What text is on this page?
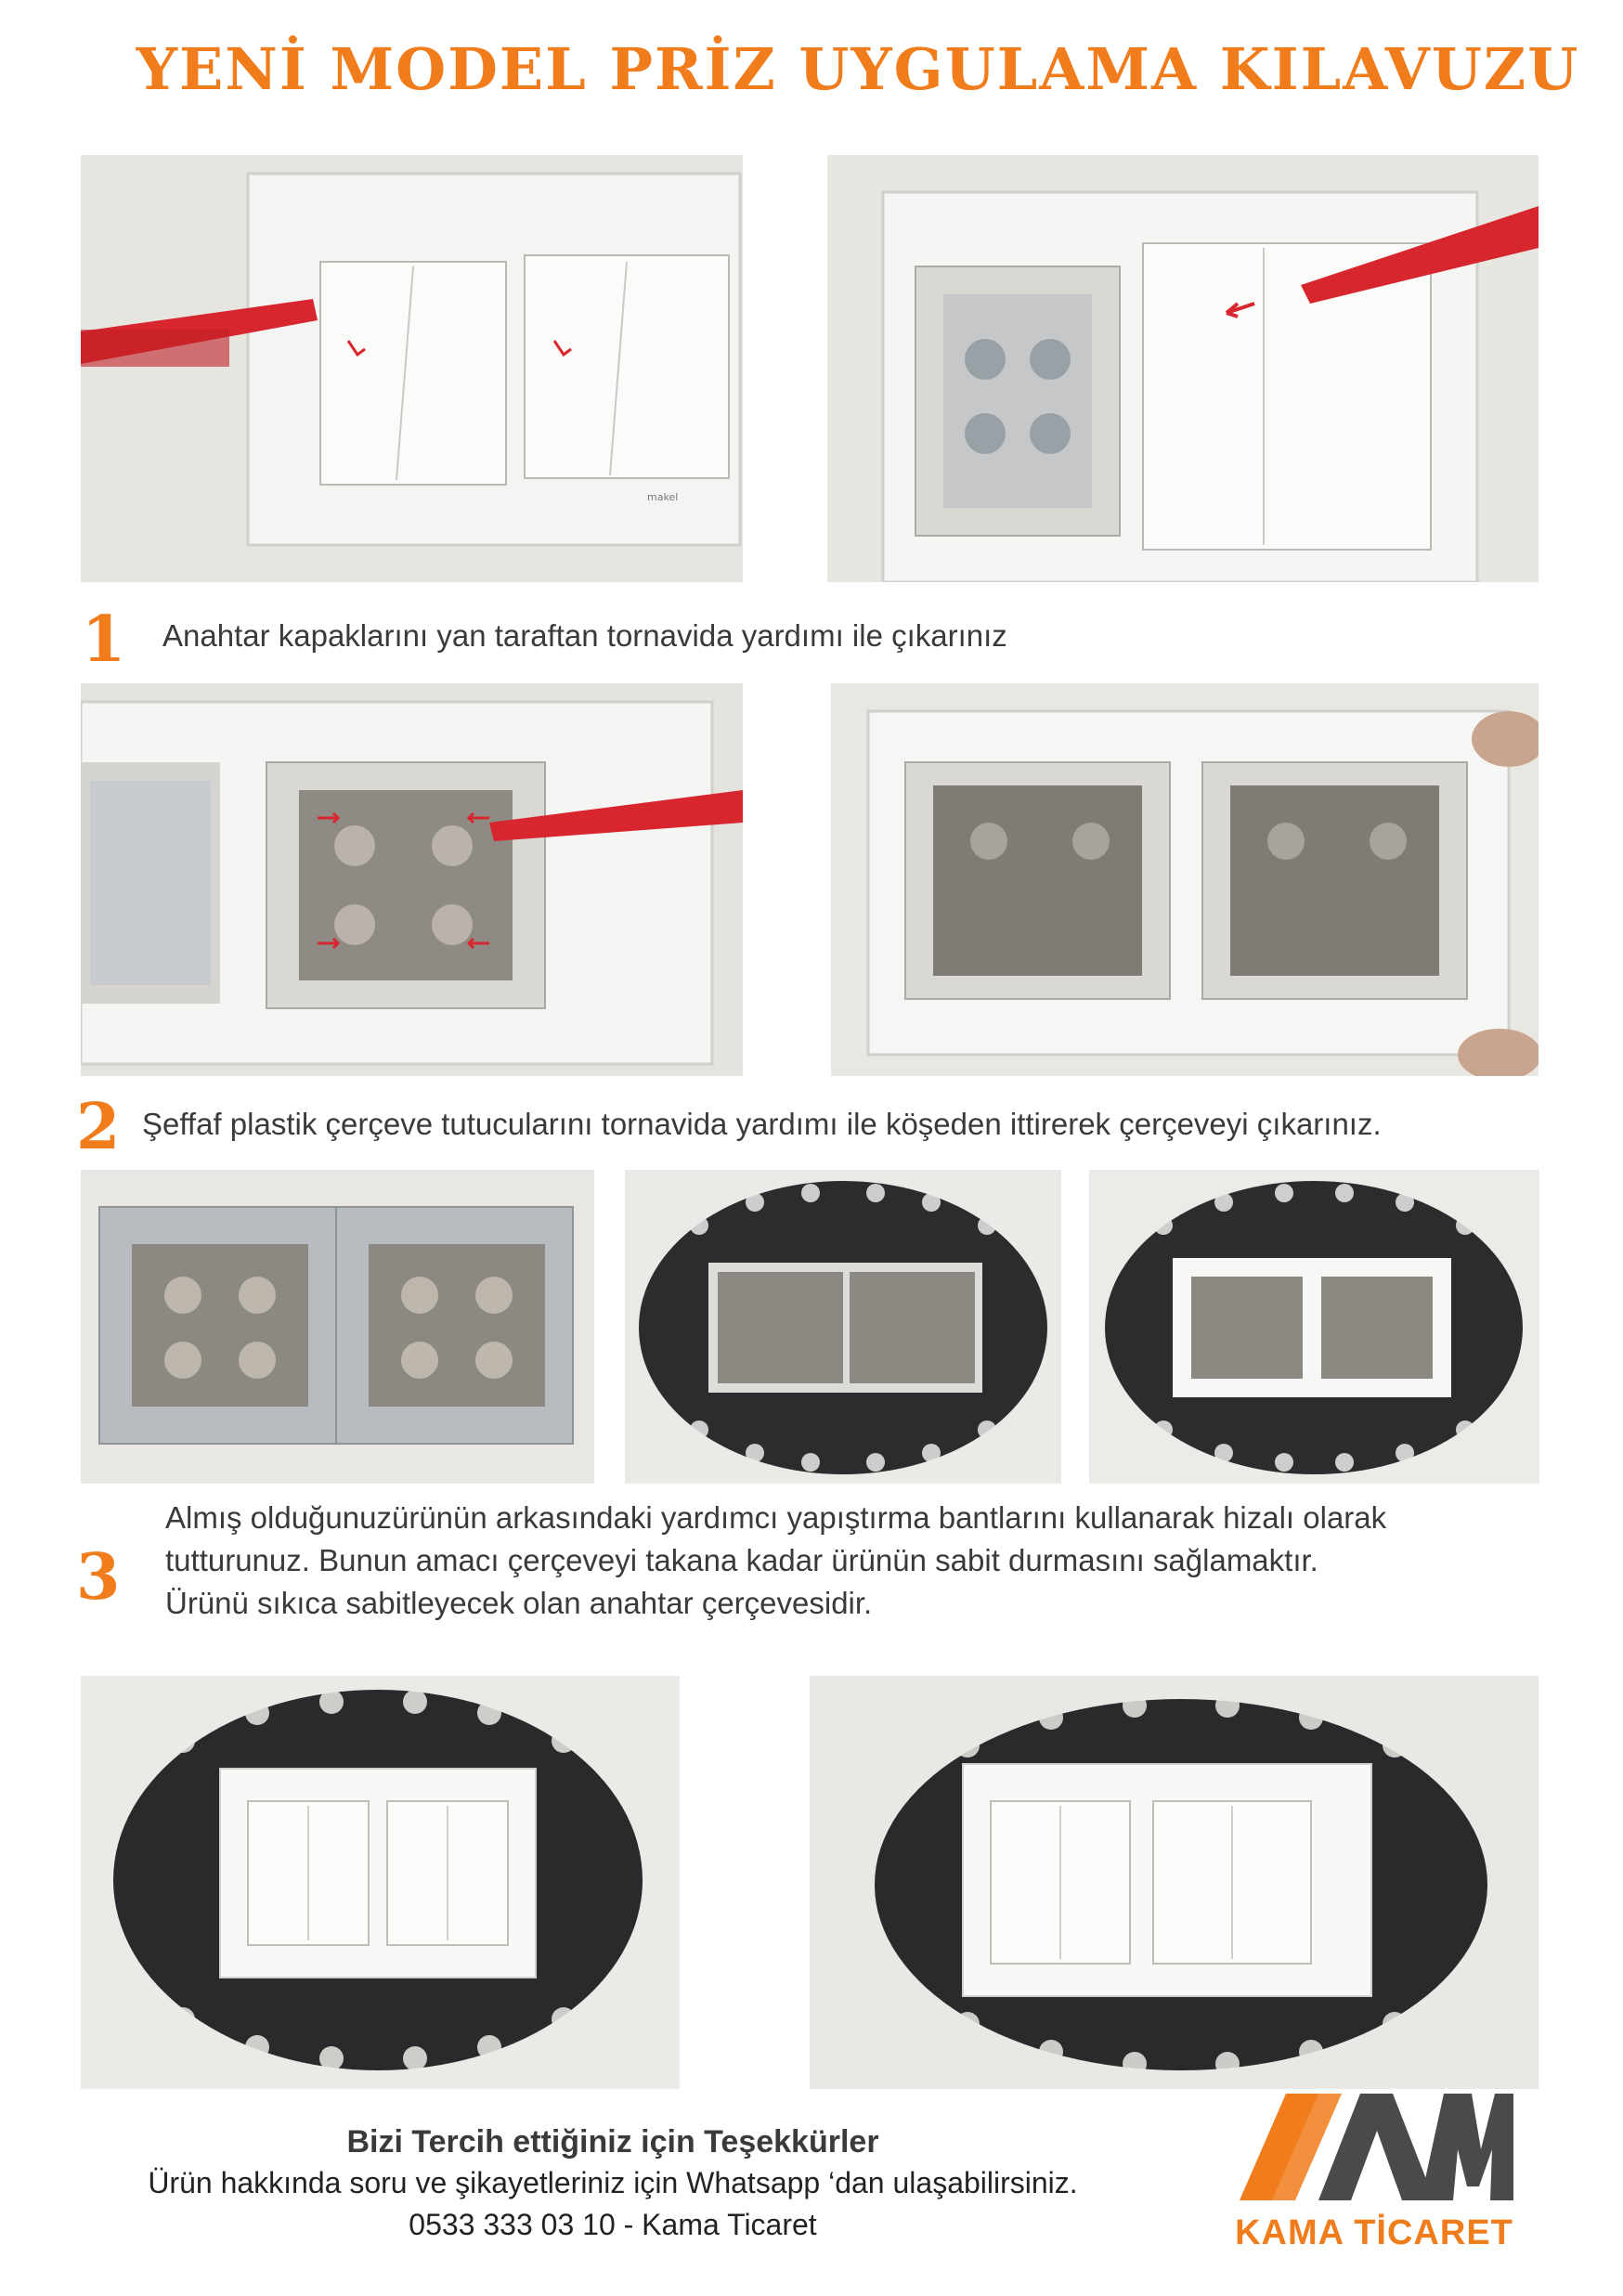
YENİ MODEL PRİZ UYGULAMA KILAVUZU
makel
1 Anahtar kapaklarını yan taraftan tornavida yardımı ile çıkarınız
2 Şeffaf plastik çerçeve tutucularını tornavida yardımı ile köşeden ittirerek çerçeveyi çıkarınız.
3
Almış olduğunuzürünün arkasındaki yardımcı yapıştırma bantlarını kullanarak hizalı olarak
tutturunuz. Bunun amacı çerçeveyi takana kadar ürünün sabit durmasını sağlamaktır.
Ürünü sıkıca sabitleyecek olan anahtar çerçevesidir.
Bizi Tercih ettiğiniz için Teşekkürler
Ürün hakkında soru ve şikayetleriniz için Whatsapp ‘dan ulaşabilirsiniz.
0533 333 03 10 - Kama Ticaret	KAMA TİCARET
